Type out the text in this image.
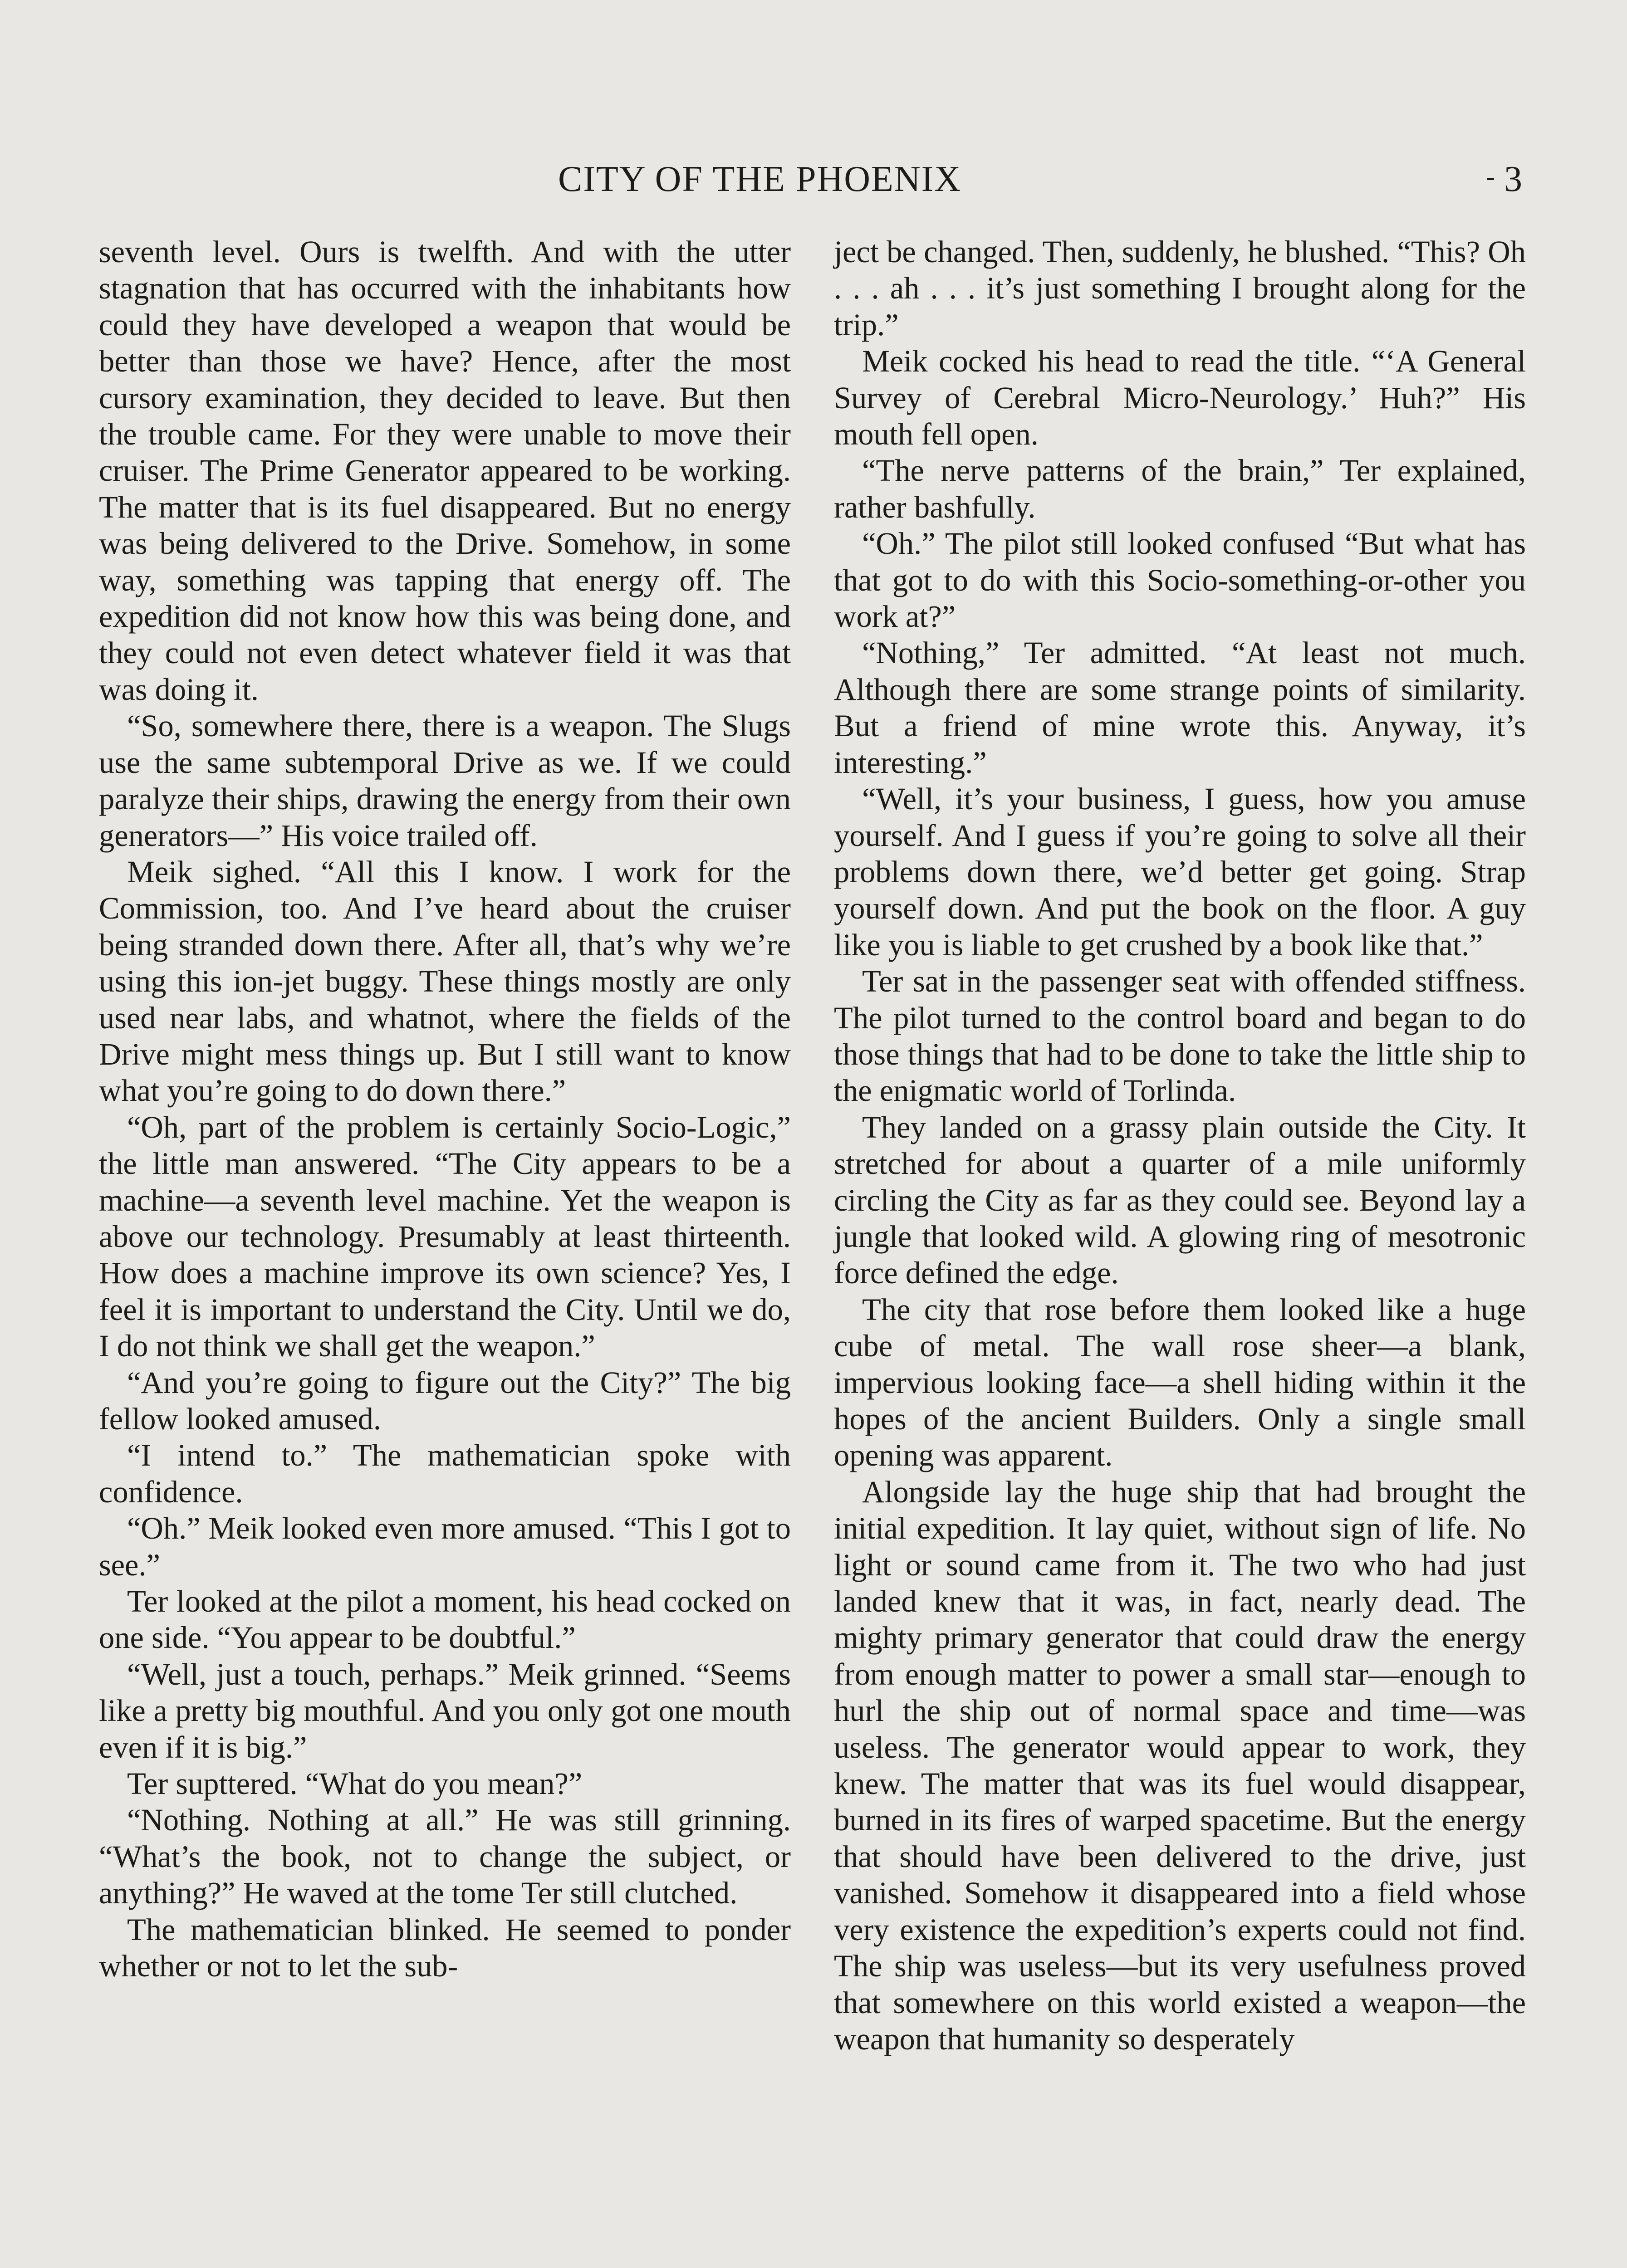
CITY OF THE PHOENIX	- 3

seventh level. Ours is twelfth. And with the utter stagnation that has occurred with the inhabitants how could they have developed a weapon that would be better than those we have? Hence, after the most cursory examination, they decided to leave. But then the trouble came. For they were unable to move their cruiser. The Prime Generator appeared to be working. The matter that is its fuel disappeared. But no energy was being delivered to the Drive. Somehow, in some way, something was tapping that energy off. The expedition did not know how this was being done, and they could not even detect whatever field it was that was doing it.

“So, somewhere there, there is a weapon. The Slugs use the same subtemporal Drive as we. If we could paralyze their ships, drawing the energy from their own generators—” His voice trailed off.

Meik sighed. “All this I know. I work for the Commission, too. And I’ve heard about the cruiser being stranded down there. After all, that’s why we’re using this ion-jet buggy. These things mostly are only used near labs, and whatnot, where the fields of the Drive might mess things up. But I still want to know what you’re going to do down there.”

“Oh, part of the problem is certainly Socio-Logic,” the little man answered. “The City appears to be a machine—a seventh level machine. Yet the weapon is above our technology. Presumably at least thirteenth. How does a machine improve its own science? Yes, I feel it is important to understand the City. Until we do, I do not think we shall get the weapon.”

“And you’re going to figure out the City?” The big fellow looked amused.

“I intend to.” The mathematician spoke with confidence.

“Oh.” Meik looked even more amused. “This I got to see.”

Ter looked at the pilot a moment, his head cocked on one side. “You appear to be doubtful.”

“Well, just a touch, perhaps.” Meik grinned. “Seems like a pretty big mouthful. And you only got one mouth even if it is big.”

Ter supttered. “What do you mean?”

“Nothing. Nothing at all.” He was still grinning. “What’s the book, not to change the subject, or anything?” He waved at the tome Ter still clutched.

The mathematician blinked. He seemed to ponder whether or not to let the sub-

ject be changed. Then, suddenly, he blushed. “This? Oh . . . ah . . . it’s just something I brought along for the trip.”

Meik cocked his head to read the title. “‘A General Survey of Cerebral Micro-Neurology.’ Huh?” His mouth fell open.

“The nerve patterns of the brain,” Ter explained, rather bashfully.

“Oh.” The pilot still looked confused “But what has that got to do with this Socio-something-or-other you work at?”

“Nothing,” Ter admitted. “At least not much. Although there are some strange points of similarity. But a friend of mine wrote this. Anyway, it’s interesting.”

“Well, it’s your business, I guess, how you amuse yourself. And I guess if you’re going to solve all their problems down there, we’d better get going. Strap yourself down. And put the book on the floor. A guy like you is liable to get crushed by a book like that.”

Ter sat in the passenger seat with offended stiffness. The pilot turned to the control board and began to do those things that had to be done to take the little ship to the enigmatic world of Torlinda.

They landed on a grassy plain outside the City. It stretched for about a quarter of a mile uniformly circling the City as far as they could see. Beyond lay a jungle that looked wild. A glowing ring of mesotronic force defined the edge.

The city that rose before them looked like a huge cube of metal. The wall rose sheer—a blank, impervious looking face—a shell hiding within it the hopes of the ancient Builders. Only a single small opening was apparent.

Alongside lay the huge ship that had brought the initial expedition. It lay quiet, without sign of life. No light or sound came from it. The two who had just landed knew that it was, in fact, nearly dead. The mighty primary generator that could draw the energy from enough matter to power a small star—enough to hurl the ship out of normal space and time—was useless. The generator would appear to work, they knew. The matter that was its fuel would disappear, burned in its fires of warped spacetime. But the energy that should have been delivered to the drive, just vanished. Somehow it disappeared into a field whose very existence the expedition’s experts could not find. The ship was useless—but its very usefulness proved that somewhere on this world existed a weapon—the weapon that humanity so desperately
